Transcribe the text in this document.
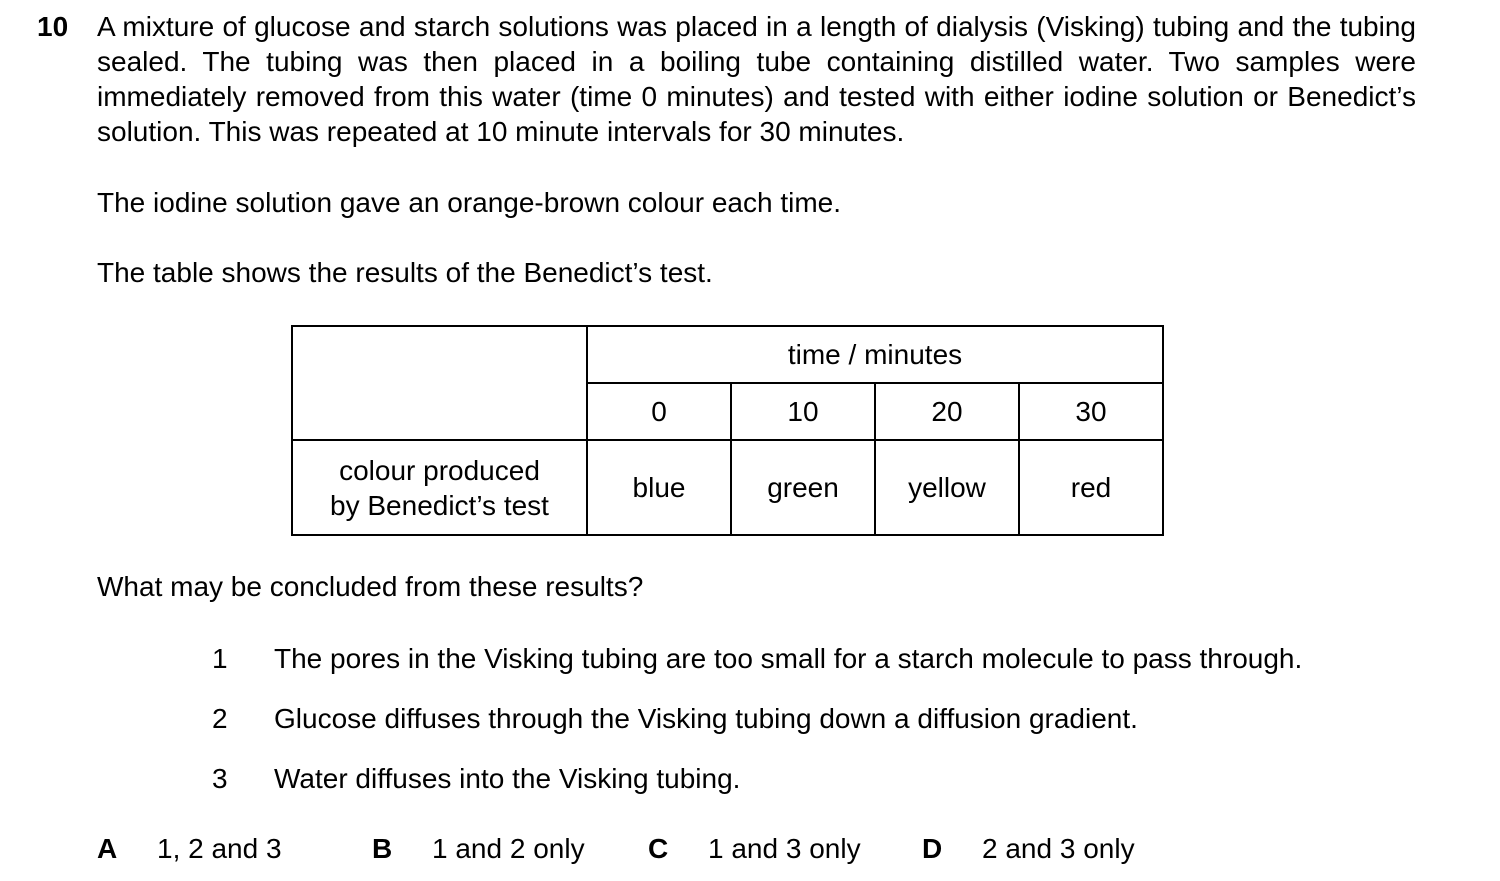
10 A mixture of glucose and starch solutions was placed in a length of dialysis (Visking) tubing and the tubing sealed. The tubing was then placed in a boiling tube containing distilled water. Two samples were immediately removed from this water (time 0 minutes) and tested with either iodine solution or Benedict’s solution. This was repeated at 10 minute intervals for 30 minutes.

The iodine solution gave an orange-brown colour each time.

The table shows the results of the Benedict’s test.

	time / minutes			
	0	10	20	30
colour produced
by Benedict’s test	blue	green	yellow	red

What may be concluded from these results?

1 The pores in the Visking tubing are too small for a starch molecule to pass through.
2 Glucose diffuses through the Visking tubing down a diffusion gradient.
3 Water diffuses into the Visking tubing.
A 1, 2 and 3	B 1 and 2 only C 1 and 3 only D 2 and 3 only
